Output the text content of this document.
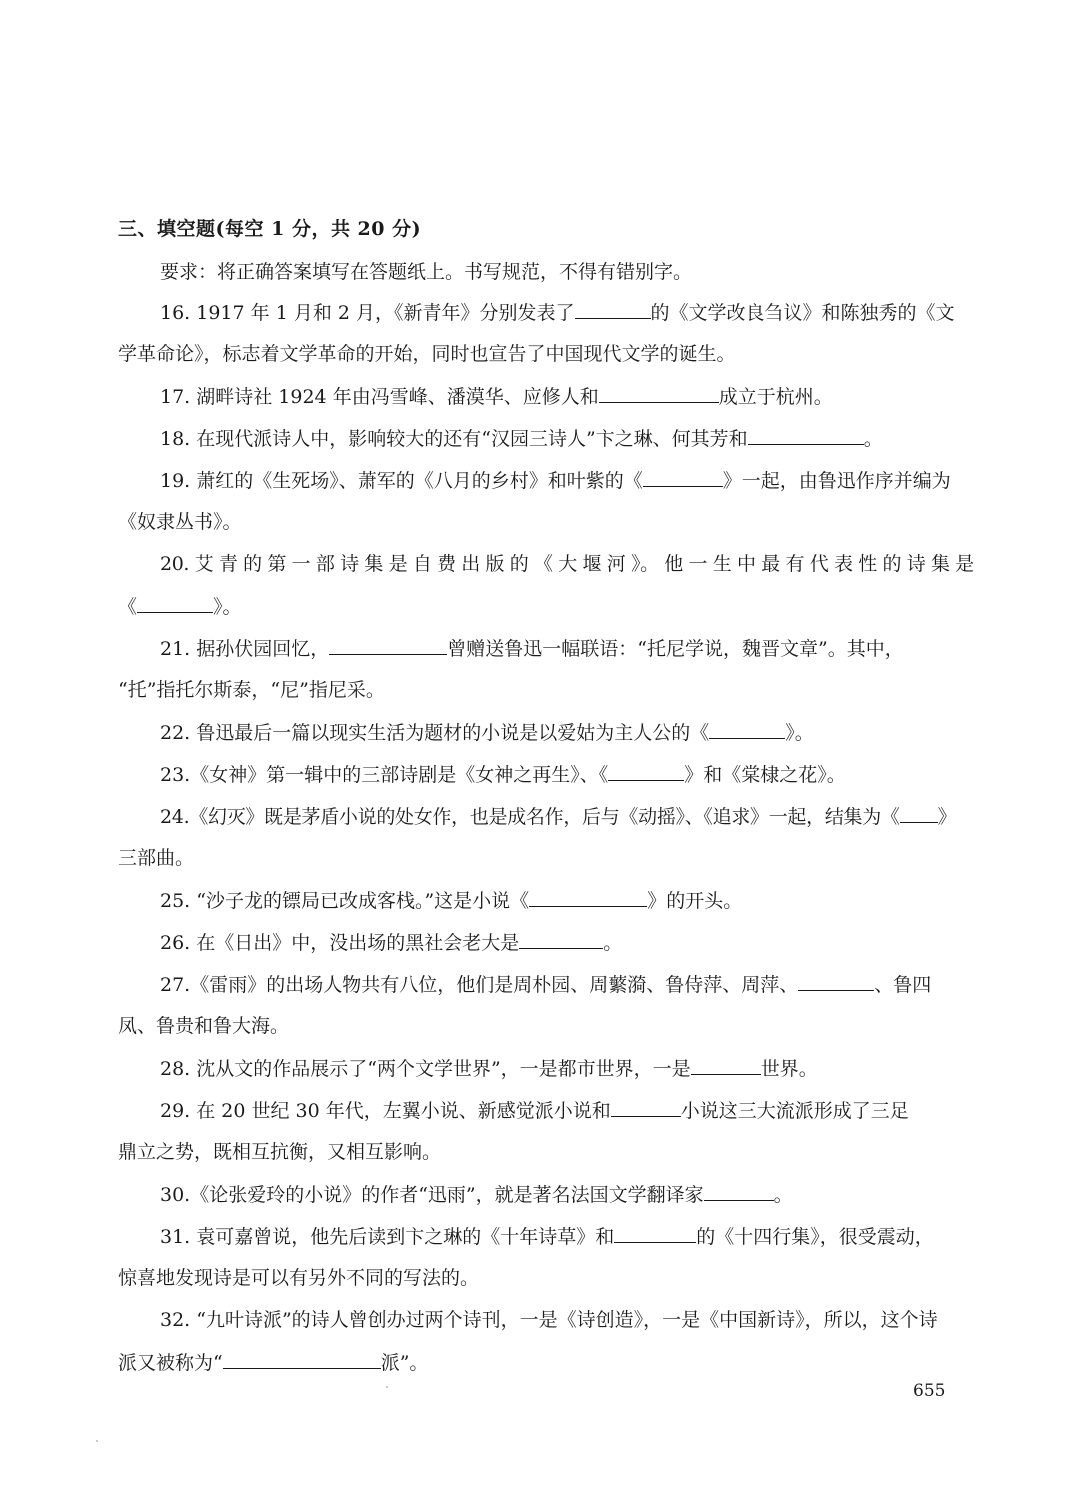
三、填空题(每空 1 分，共 20 分)
要求：将正确答案填写在答题纸上。书写规范，不得有错别字。
16. 1917 年 1 月和 2 月，《新青年》分别发表了	的《文学改良刍议》和陈独秀的《文
学革命论》，标志着文学革命的开始，同时也宣告了中国现代文学的诞生。
17. 湖畔诗社 1924 年由冯雪峰、潘漠华、应修人和	成立于杭州。
18. 在现代派诗人中，影响较大的还有“汉园三诗人”卞之琳、何其芳和	。
19. 萧红的《生死场》、萧军的《八月的乡村》和叶紫的《	》一起，由鲁迅作序并编为
《奴隶丛书》。
20. 艾 青 的 第 一 部 诗 集 是 自 费 出 版 的 《 大 堰 河 》。 他 一 生 中 最 有 代 表 性 的 诗 集 是
《	》。
21. 据孙伏园回忆，	曾赠送鲁迅一幅联语：“托尼学说，魏晋文章”。其中，
“托”指托尔斯泰，“尼”指尼采。
22. 鲁迅最后一篇以现实生活为题材的小说是以爱姑为主人公的《	》。
23.《女神》第一辑中的三部诗剧是《女神之再生》、《	》和《棠棣之花》。
24.《幻灭》既是茅盾小说的处女作，也是成名作，后与《动摇》、《追求》一起，结集为《 》
三部曲。
25. “沙子龙的镖局已改成客栈。”这是小说《	》的开头。
26. 在《日出》中，没出场的黑社会老大是	。
27.《雷雨》的出场人物共有八位，他们是周朴园、周蘩漪、鲁侍萍、周萍、	、鲁四
凤、鲁贵和鲁大海。
28. 沈从文的作品展示了“两个文学世界”，一是都市世界，一是	世界。
29. 在 20 世纪 30 年代，左翼小说、新感觉派小说和	小说这三大流派形成了三足
鼎立之势，既相互抗衡，又相互影响。
30.《论张爱玲的小说》的作者“迅雨”，就是著名法国文学翻译家	。
31. 袁可嘉曾说，他先后读到卞之琳的《十年诗草》和	的《十四行集》，很受震动，
惊喜地发现诗是可以有另外不同的写法的。
32. “九叶诗派”的诗人曾创办过两个诗刊，一是《诗创造》，一是《中国新诗》，所以，这个诗
派又被称为“	派”。
655
